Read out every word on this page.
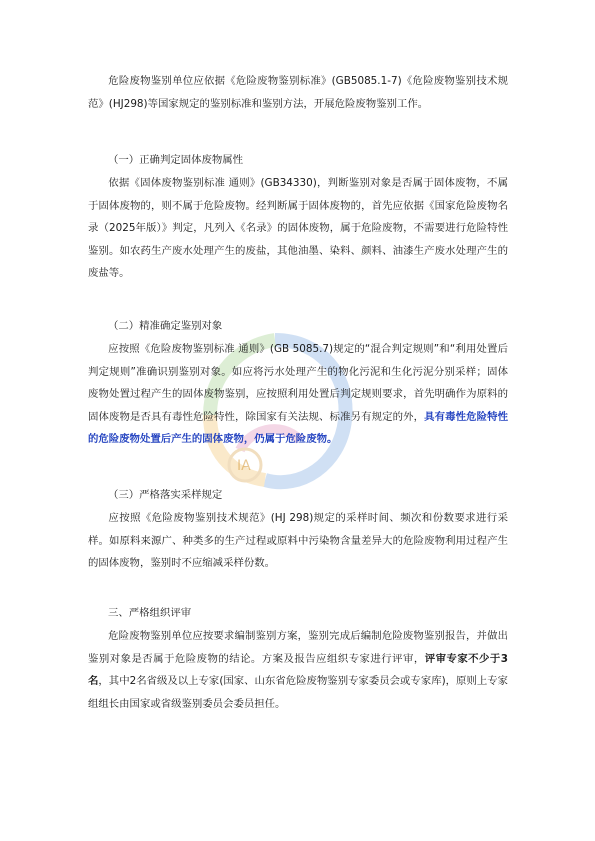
IA

危险废物鉴别单位应依据《危险废物鉴别标准》(GB5085.1-7)《危险废物鉴别技术规范》(HJ298)等国家规定的鉴别标准和鉴别方法，开展危险废物鉴别工作。

（一）正确判定固体废物属性

依据《固体废物鉴别标准 通则》(GB34330)，判断鉴别对象是否属于固体废物，不属于固体废物的，则不属于危险废物。经判断属于固体废物的，首先应依据《国家危险废物名录（2025年版）》判定，凡列入《名录》的固体废物，属于危险废物，不需要进行危险特性鉴别。如农药生产废水处理产生的废盐，其他油墨、染料、颜料、油漆生产废水处理产生的废盐等。

（二）精准确定鉴别对象

应按照《危险废物鉴别标准 通则》(GB 5085.7)规定的“混合判定规则”和“利用处置后判定规则”准确识别鉴别对象。如应将污水处理产生的物化污泥和生化污泥分别采样；固体废物处置过程产生的固体废物鉴别，应按照利用处置后判定规则要求，首先明确作为原料的固体废物是否具有毒性危险特性，除国家有关法规、标准另有规定的外，具有毒性危险特性的危险废物处置后产生的固体废物，仍属于危险废物。

（三）严格落实采样规定

应按照《危险废物鉴别技术规范》(HJ 298)规定的采样时间、频次和份数要求进行采样。如原料来源广、种类多的生产过程或原料中污染物含量差异大的危险废物利用过程产生的固体废物，鉴别时不应缩减采样份数。

三、严格组织评审

危险废物鉴别单位应按要求编制鉴别方案，鉴别完成后编制危险废物鉴别报告，并做出鉴别对象是否属于危险废物的结论。方案及报告应组织专家进行评审，评审专家不少于3名，其中2名省级及以上专家(国家、山东省危险废物鉴别专家委员会或专家库)，原则上专家组组长由国家或省级鉴别委员会委员担任。
